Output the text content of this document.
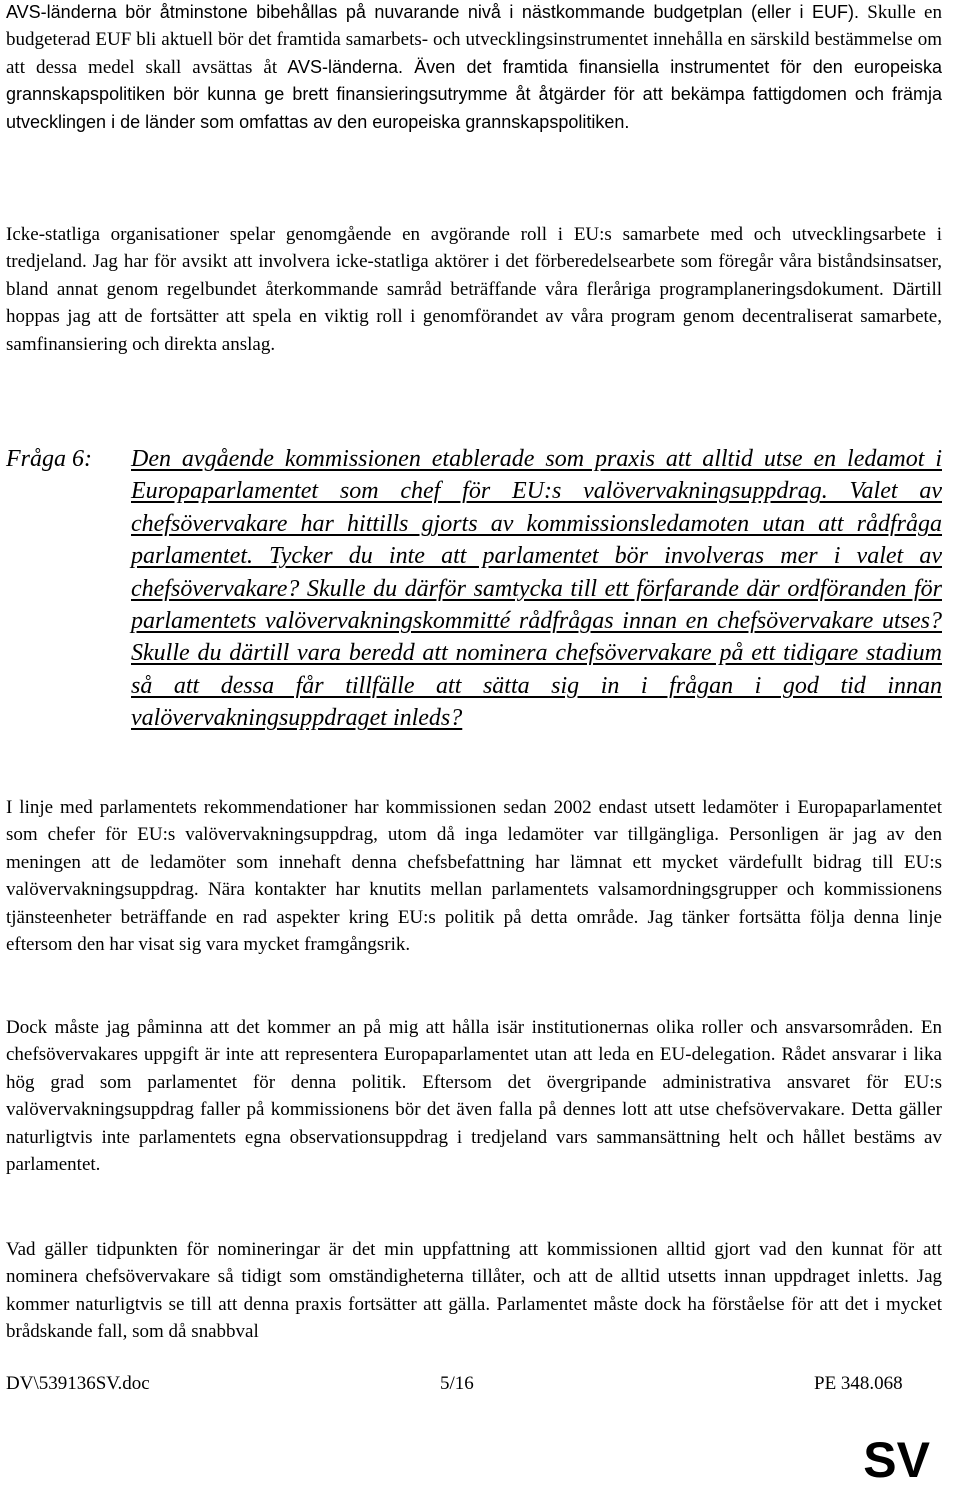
AVS-länderna bör åtminstone bibehållas på nuvarande nivå i nästkommande budgetplan (eller i EUF). Skulle en budgeterad EUF bli aktuell bör det framtida samarbets- och utvecklingsinstrumentet innehålla en särskild bestämmelse om att dessa medel skall avsättas åt AVS-länderna. Även det framtida finansiella instrumentet för den europeiska grannskapspolitiken bör kunna ge brett finansieringsutrymme åt åtgärder för att bekämpa fattigdomen och främja utvecklingen i de länder som omfattas av den europeiska grannskapspolitiken.

Icke-statliga organisationer spelar genomgående en avgörande roll i EU:s samarbete med och utvecklingsarbete i tredjeland. Jag har för avsikt att involvera icke-statliga aktörer i det förberedelsearbete som föregår våra biståndsinsatser, bland annat genom regelbundet återkommande samråd beträffande våra fleråriga programplaneringsdokument. Därtill hoppas jag att de fortsätter att spela en viktig roll i genomförandet av våra program genom decentraliserat samarbete, samfinansiering och direkta anslag.

Fråga 6: Den avgående kommissionen etablerade som praxis att alltid utse en ledamot i Europaparlamentet som chef för EU:s valövervakningsuppdrag. Valet av chefsövervakare har hittills gjorts av kommissionsledamoten utan att rådfråga parlamentet. Tycker du inte att parlamentet bör involveras mer i valet av chefsövervakare? Skulle du därför samtycka till ett förfarande där ordföranden för parlamentets valövervakningskommitté rådfrågas innan en chefsövervakare utses? Skulle du därtill vara beredd att nominera chefsövervakare på ett tidigare stadium så att dessa får tillfälle att sätta sig in i frågan i god tid innan valövervakningsuppdraget inleds?

I linje med parlamentets rekommendationer har kommissionen sedan 2002 endast utsett ledamöter i Europaparlamentet som chefer för EU:s valövervakningsuppdrag, utom då inga ledamöter var tillgängliga. Personligen är jag av den meningen att de ledamöter som innehaft denna chefsbefattning har lämnat ett mycket värdefullt bidrag till EU:s valövervakningsuppdrag. Nära kontakter har knutits mellan parlamentets valsamordningsgrupper och kommissionens tjänsteenheter beträffande en rad aspekter kring EU:s politik på detta område. Jag tänker fortsätta följa denna linje eftersom den har visat sig vara mycket framgångsrik.

Dock måste jag påminna att det kommer an på mig att hålla isär institutionernas olika roller och ansvarsområden. En chefsövervakares uppgift är inte att representera Europaparlamentet utan att leda en EU-delegation. Rådet ansvarar i lika hög grad som parlamentet för denna politik. Eftersom det övergripande administrativa ansvaret för EU:s valövervakningsuppdrag faller på kommissionens bör det även falla på dennes lott att utse chefsövervakare. Detta gäller naturligtvis inte parlamentets egna observationsuppdrag i tredjeland vars sammansättning helt och hållet bestäms av parlamentet.

Vad gäller tidpunkten för nomineringar är det min uppfattning att kommissionen alltid gjort vad den kunnat för att nominera chefsövervakare så tidigt som omständigheterna tillåter, och att de alltid utsetts innan uppdraget inletts. Jag kommer naturligtvis se till att denna praxis fortsätter att gälla. Parlamentet måste dock ha förståelse för att det i mycket brådskande fall, som då snabbval

DV\539136SV.doc	5/16	PE 348.068
SV
